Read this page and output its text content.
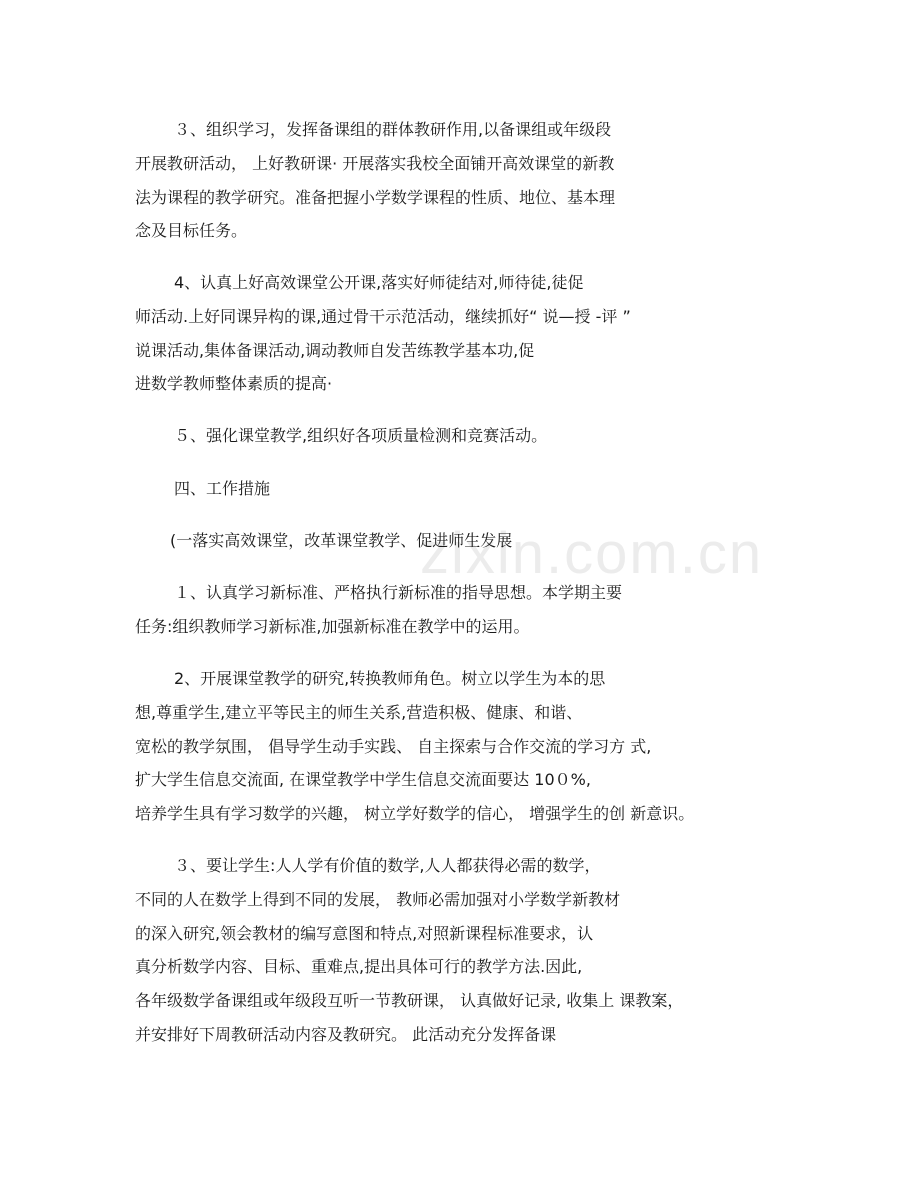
zixin.com.cn
３、组织学习，发挥备课组的群体教研作用,以备课组或年级段
开展教研活动， 上好教研课· 开展落实我校全面铺开高效课堂的新教
法为课程的教学研究。准备把握小学数学课程的性质、地位、基本理
念及目标任务。
4、认真上好高效课堂公开课,落实好师徒结对,师待徒,徒促
师活动.上好同课异构的课,通过骨干示范活动，继续抓好“ 说—授 -评 ”
说课活动,集体备课活动,调动教师自发苦练教学基本功,促
进数学教师整体素质的提高·
５、强化课堂教学,组织好各项质量检测和竞赛活动。
四、工作措施
(一落实高效课堂，改革课堂教学、促进师生发展
１、认真学习新标准、严格执行新标准的指导思想。本学期主要
任务:组织教师学习新标准,加强新标准在教学中的运用。
2、开展课堂教学的研究,转换教师角色。树立以学生为本的思
想,尊重学生,建立平等民主的师生关系,营造积极、健康、和谐、
宽松的教学氛围， 倡导学生动手实践、 自主探索与合作交流的学习方 式,
扩大学生信息交流面, 在课堂教学中学生信息交流面要达 10０%,
培养学生具有学习数学的兴趣， 树立学好数学的信心， 增强学生的创 新意识。
３、要让学生:人人学有价值的数学,人人都获得必需的数学，
不同的人在数学上得到不同的发展， 教师必需加强对小学数学新教材
的深入研究,领会教材的编写意图和特点,对照新课程标准要求，认
真分析数学内容、目标、重难点,提出具体可行的教学方法.因此,
各年级数学备课组或年级段互听一节教研课， 认真做好记录, 收集上 课教案，
并安排好下周教研活动内容及教研究。 此活动充分发挥备课
